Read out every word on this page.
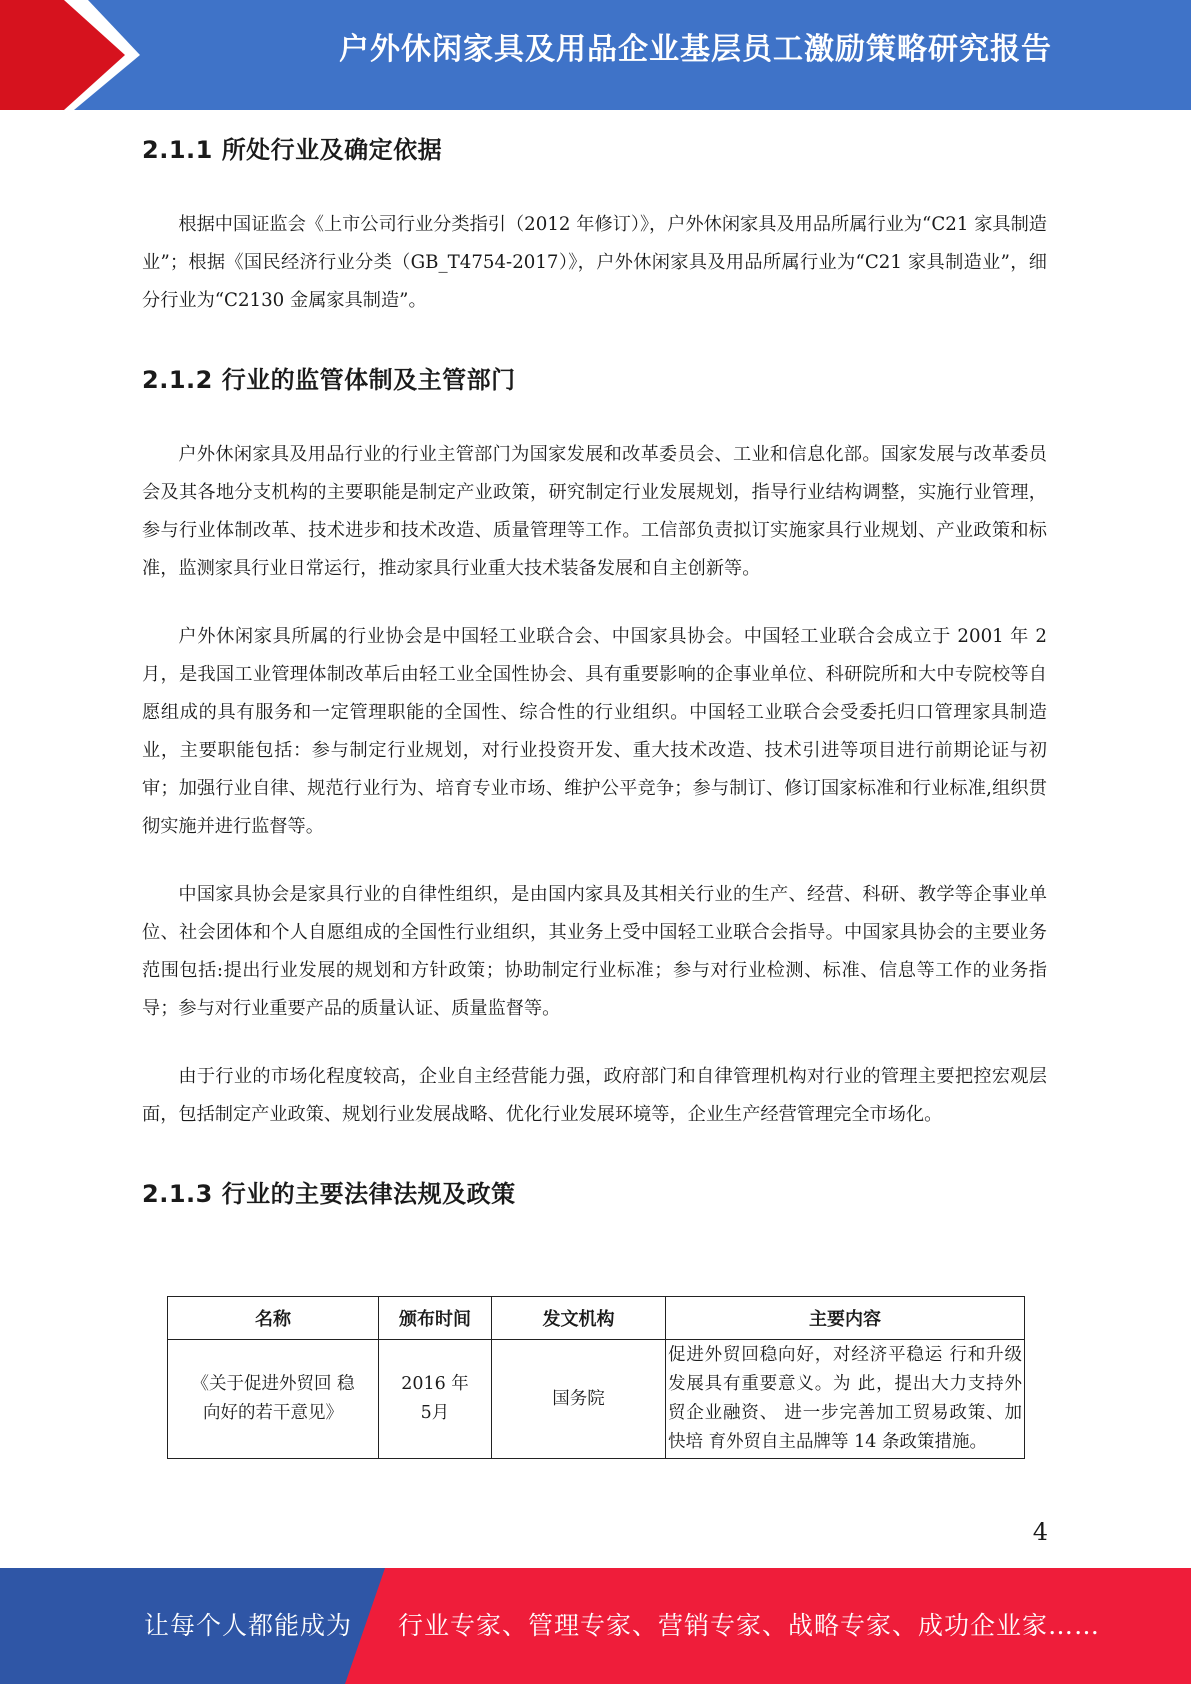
户外休闲家具及用品企业基层员工激励策略研究报告
2.1.1 所处行业及确定依据

根据中国证监会《上市公司行业分类指引（2012 年修订）》，户外休闲家具及用品所属行业为“C21 家具制造业”；根据《国民经济行业分类（GB_T4754-2017）》，户外休闲家具及用品所属行业为“C21 家具制造业”，细分行业为“C2130 金属家具制造”。

2.1.2 行业的监管体制及主管部门

户外休闲家具及用品行业的行业主管部门为国家发展和改革委员会、工业和信息化部。国家发展与改革委员会及其各地分支机构的主要职能是制定产业政策，研究制定行业发展规划，指导行业结构调整，实施行业管理，参与行业体制改革、技术进步和技术改造、质量管理等工作。工信部负责拟订实施家具行业规划、产业政策和标准，监测家具行业日常运行，推动家具行业重大技术装备发展和自主创新等。

户外休闲家具所属的行业协会是中国轻工业联合会、中国家具协会。中国轻工业联合会成立于 2001 年 2 月，是我国工业管理体制改革后由轻工业全国性协会、具有重要影响的企事业单位、科研院所和大中专院校等自愿组成的具有服务和一定管理职能的全国性、综合性的行业组织。中国轻工业联合会受委托归口管理家具制造业，主要职能包括：参与制定行业规划，对行业投资开发、重大技术改造、技术引进等项目进行前期论证与初审；加强行业自律、规范行业行为、培育专业市场、维护公平竞争；参与制订、修订国家标准和行业标准,组织贯彻实施并进行监督等。

中国家具协会是家具行业的自律性组织，是由国内家具及其相关行业的生产、经营、科研、教学等企事业单位、社会团体和个人自愿组成的全国性行业组织，其业务上受中国轻工业联合会指导。中国家具协会的主要业务范围包括:提出行业发展的规划和方针政策；协助制定行业标准；参与对行业检测、标准、信息等工作的业务指导；参与对行业重要产品的质量认证、质量监督等。

由于行业的市场化程度较高，企业自主经营能力强，政府部门和自律管理机构对行业的管理主要把控宏观层面，包括制定产业政策、规划行业发展战略、优化行业发展环境等，企业生产经营管理完全市场化。

2.1.3 行业的主要法律法规及政策
名称	颁布时间	发文机构	主要内容

《关于促进外贸回 稳向好的若干意见》	2016 年 5月	国务院	促进外贸回稳向好，对经济平稳运 行和升级发展具有重要意义。为 此，提出大力支持外贸企业融资、 进一步完善加工贸易政策、加快培 育外贸自主品牌等 14 条政策措施。
4
让每个人都能成为 行业专家、管理专家、营销专家、战略专家、成功企业家……
